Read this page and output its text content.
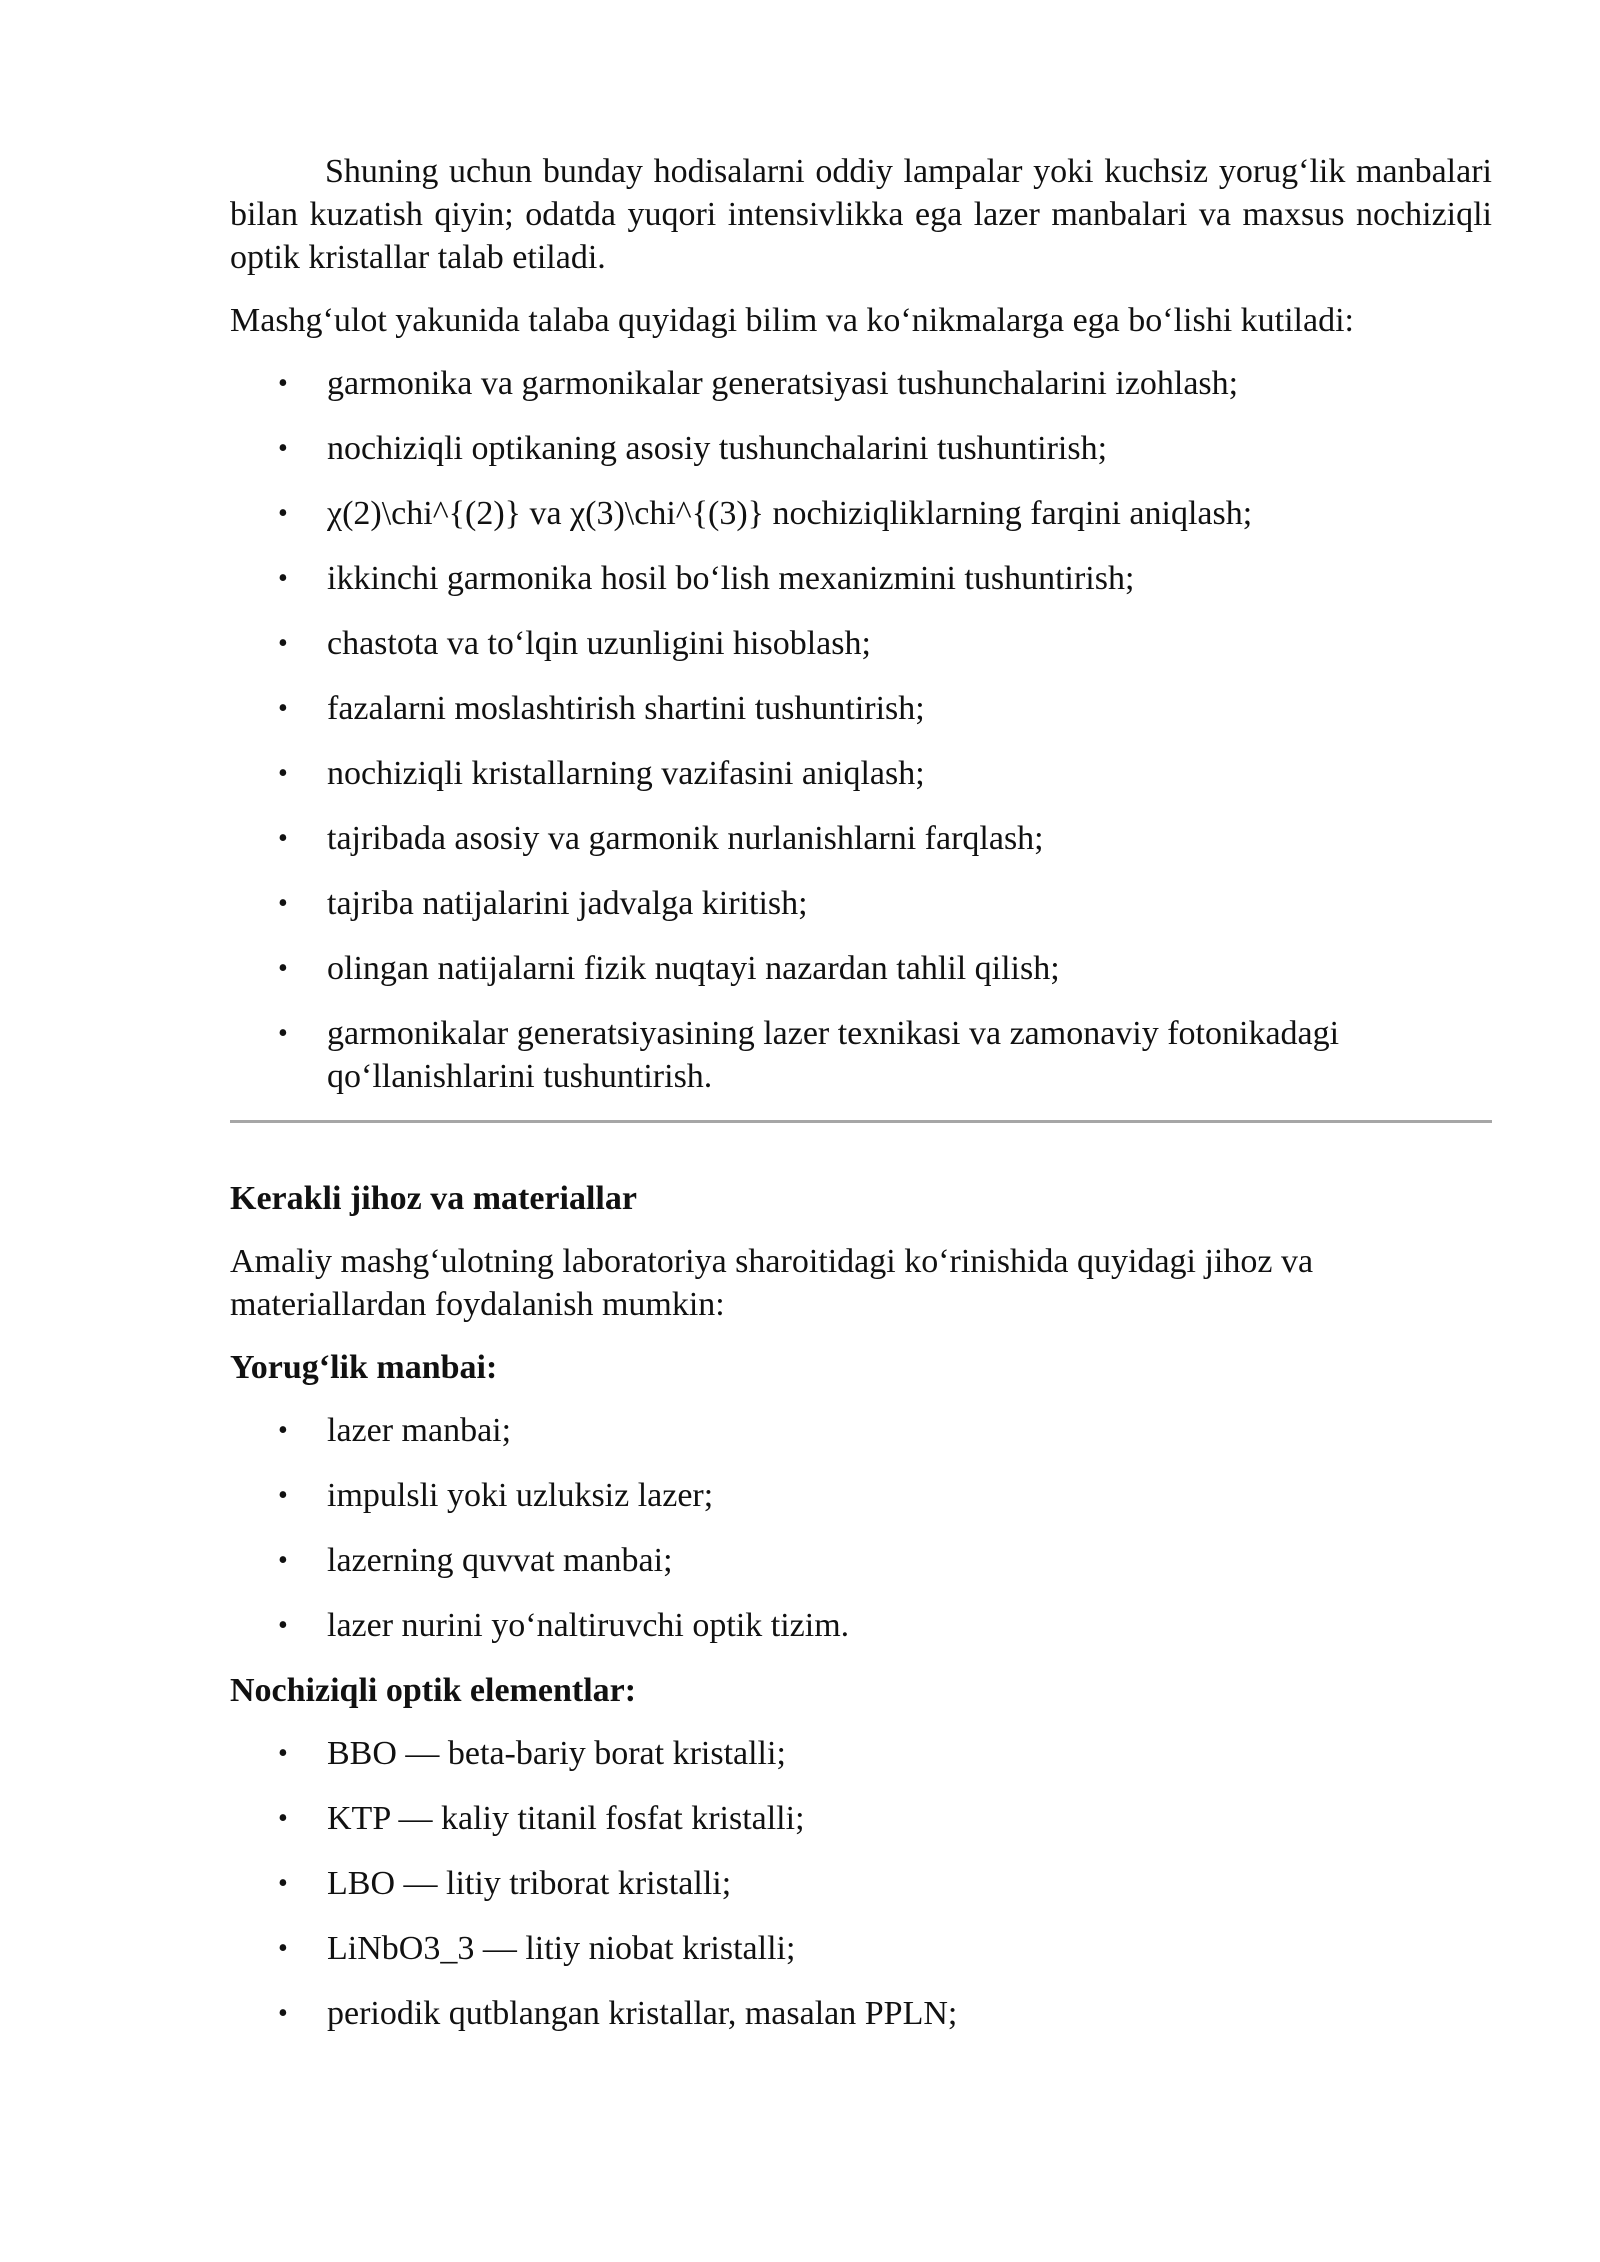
Shuning uchun bunday hodisalarni oddiy lampalar yoki kuchsiz yorug‘lik manbalari bilan kuzatish qiyin; odatda yuqori intensivlikka ega lazer manbalari va maxsus nochiziqli optik kristallar talab etiladi.

Mashg‘ulot yakunida talaba quyidagi bilim va ko‘nikmalarga ega bo‘lishi kutiladi:

• garmonika va garmonikalar generatsiyasi tushunchalarini izohlash;
• nochiziqli optikaning asosiy tushunchalarini tushuntirish;
• χ(2)\chi^{(2)} va χ(3)\chi^{(3)} nochiziqliklarning farqini aniqlash;
• ikkinchi garmonika hosil bo‘lish mexanizmini tushuntirish;
• chastota va to‘lqin uzunligini hisoblash;
• fazalarni moslashtirish shartini tushuntirish;
• nochiziqli kristallarning vazifasini aniqlash;
• tajribada asosiy va garmonik nurlanishlarni farqlash;
• tajriba natijalarini jadvalga kiritish;
• olingan natijalarni fizik nuqtayi nazardan tahlil qilish;
• garmonikalar generatsiyasining lazer texnikasi va zamonaviy fotonikadagi qo‘llanishlarini tushuntirish.

Kerakli jihoz va materiallar

Amaliy mashg‘ulotning laboratoriya sharoitidagi ko‘rinishida quyidagi jihoz va materiallardan foydalanish mumkin:

Yorug‘lik manbai:

• lazer manbai;
• impulsli yoki uzluksiz lazer;
• lazerning quvvat manbai;
• lazer nurini yo‘naltiruvchi optik tizim.

Nochiziqli optik elementlar:

• BBO — beta-bariy borat kristalli;
• KTP — kaliy titanil fosfat kristalli;
• LBO — litiy triborat kristalli;
• LiNbO3_3 — litiy niobat kristalli;
• periodik qutblangan kristallar, masalan PPLN;
